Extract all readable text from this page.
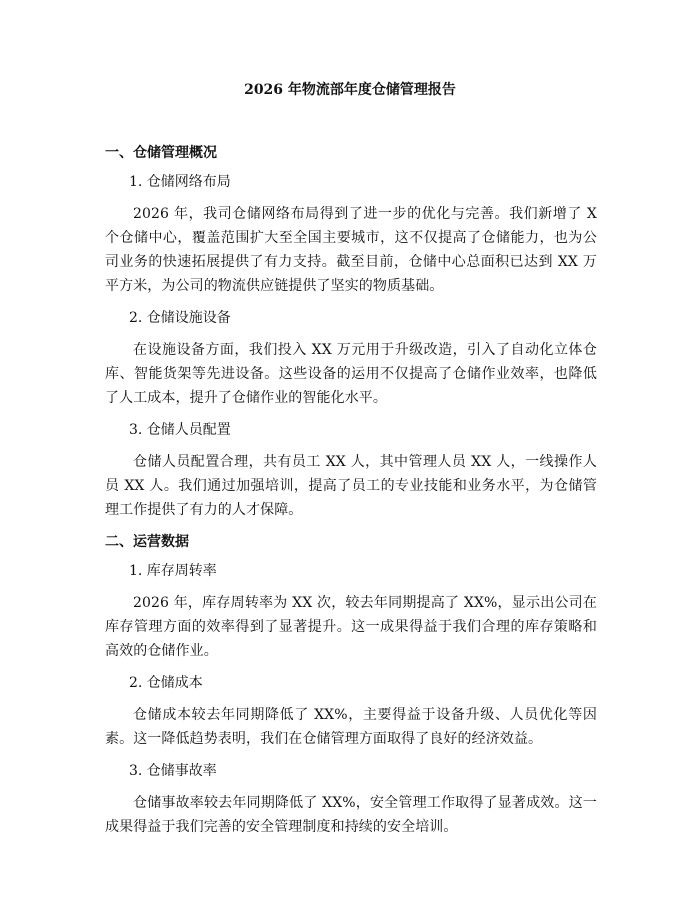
2026 年物流部年度仓储管理报告
一、仓储管理概况
1. 仓储网络布局

2026 年，我司仓储网络布局得到了进一步的优化与完善。我们新增了 X 个仓储中心，覆盖范围扩大至全国主要城市，这不仅提高了仓储能力，也为公司业务的快速拓展提供了有力支持。截至目前，仓储中心总面积已达到 XX 万平方米，为公司的物流供应链提供了坚实的物质基础。

2. 仓储设施设备

在设施设备方面，我们投入 XX 万元用于升级改造，引入了自动化立体仓库、智能货架等先进设备。这些设备的运用不仅提高了仓储作业效率，也降低了人工成本，提升了仓储作业的智能化水平。

3. 仓储人员配置

仓储人员配置合理，共有员工 XX 人，其中管理人员 XX 人，一线操作人员 XX 人。我们通过加强培训，提高了员工的专业技能和业务水平，为仓储管理工作提供了有力的人才保障。

二、运营数据
1. 库存周转率

2026 年，库存周转率为 XX 次，较去年同期提高了 XX%，显示出公司在库存管理方面的效率得到了显著提升。这一成果得益于我们合理的库存策略和高效的仓储作业。

2. 仓储成本

仓储成本较去年同期降低了 XX%，主要得益于设备升级、人员优化等因素。这一降低趋势表明，我们在仓储管理方面取得了良好的经济效益。

3. 仓储事故率

仓储事故率较去年同期降低了 XX%，安全管理工作取得了显著成效。这一成果得益于我们完善的安全管理制度和持续的安全培训。
